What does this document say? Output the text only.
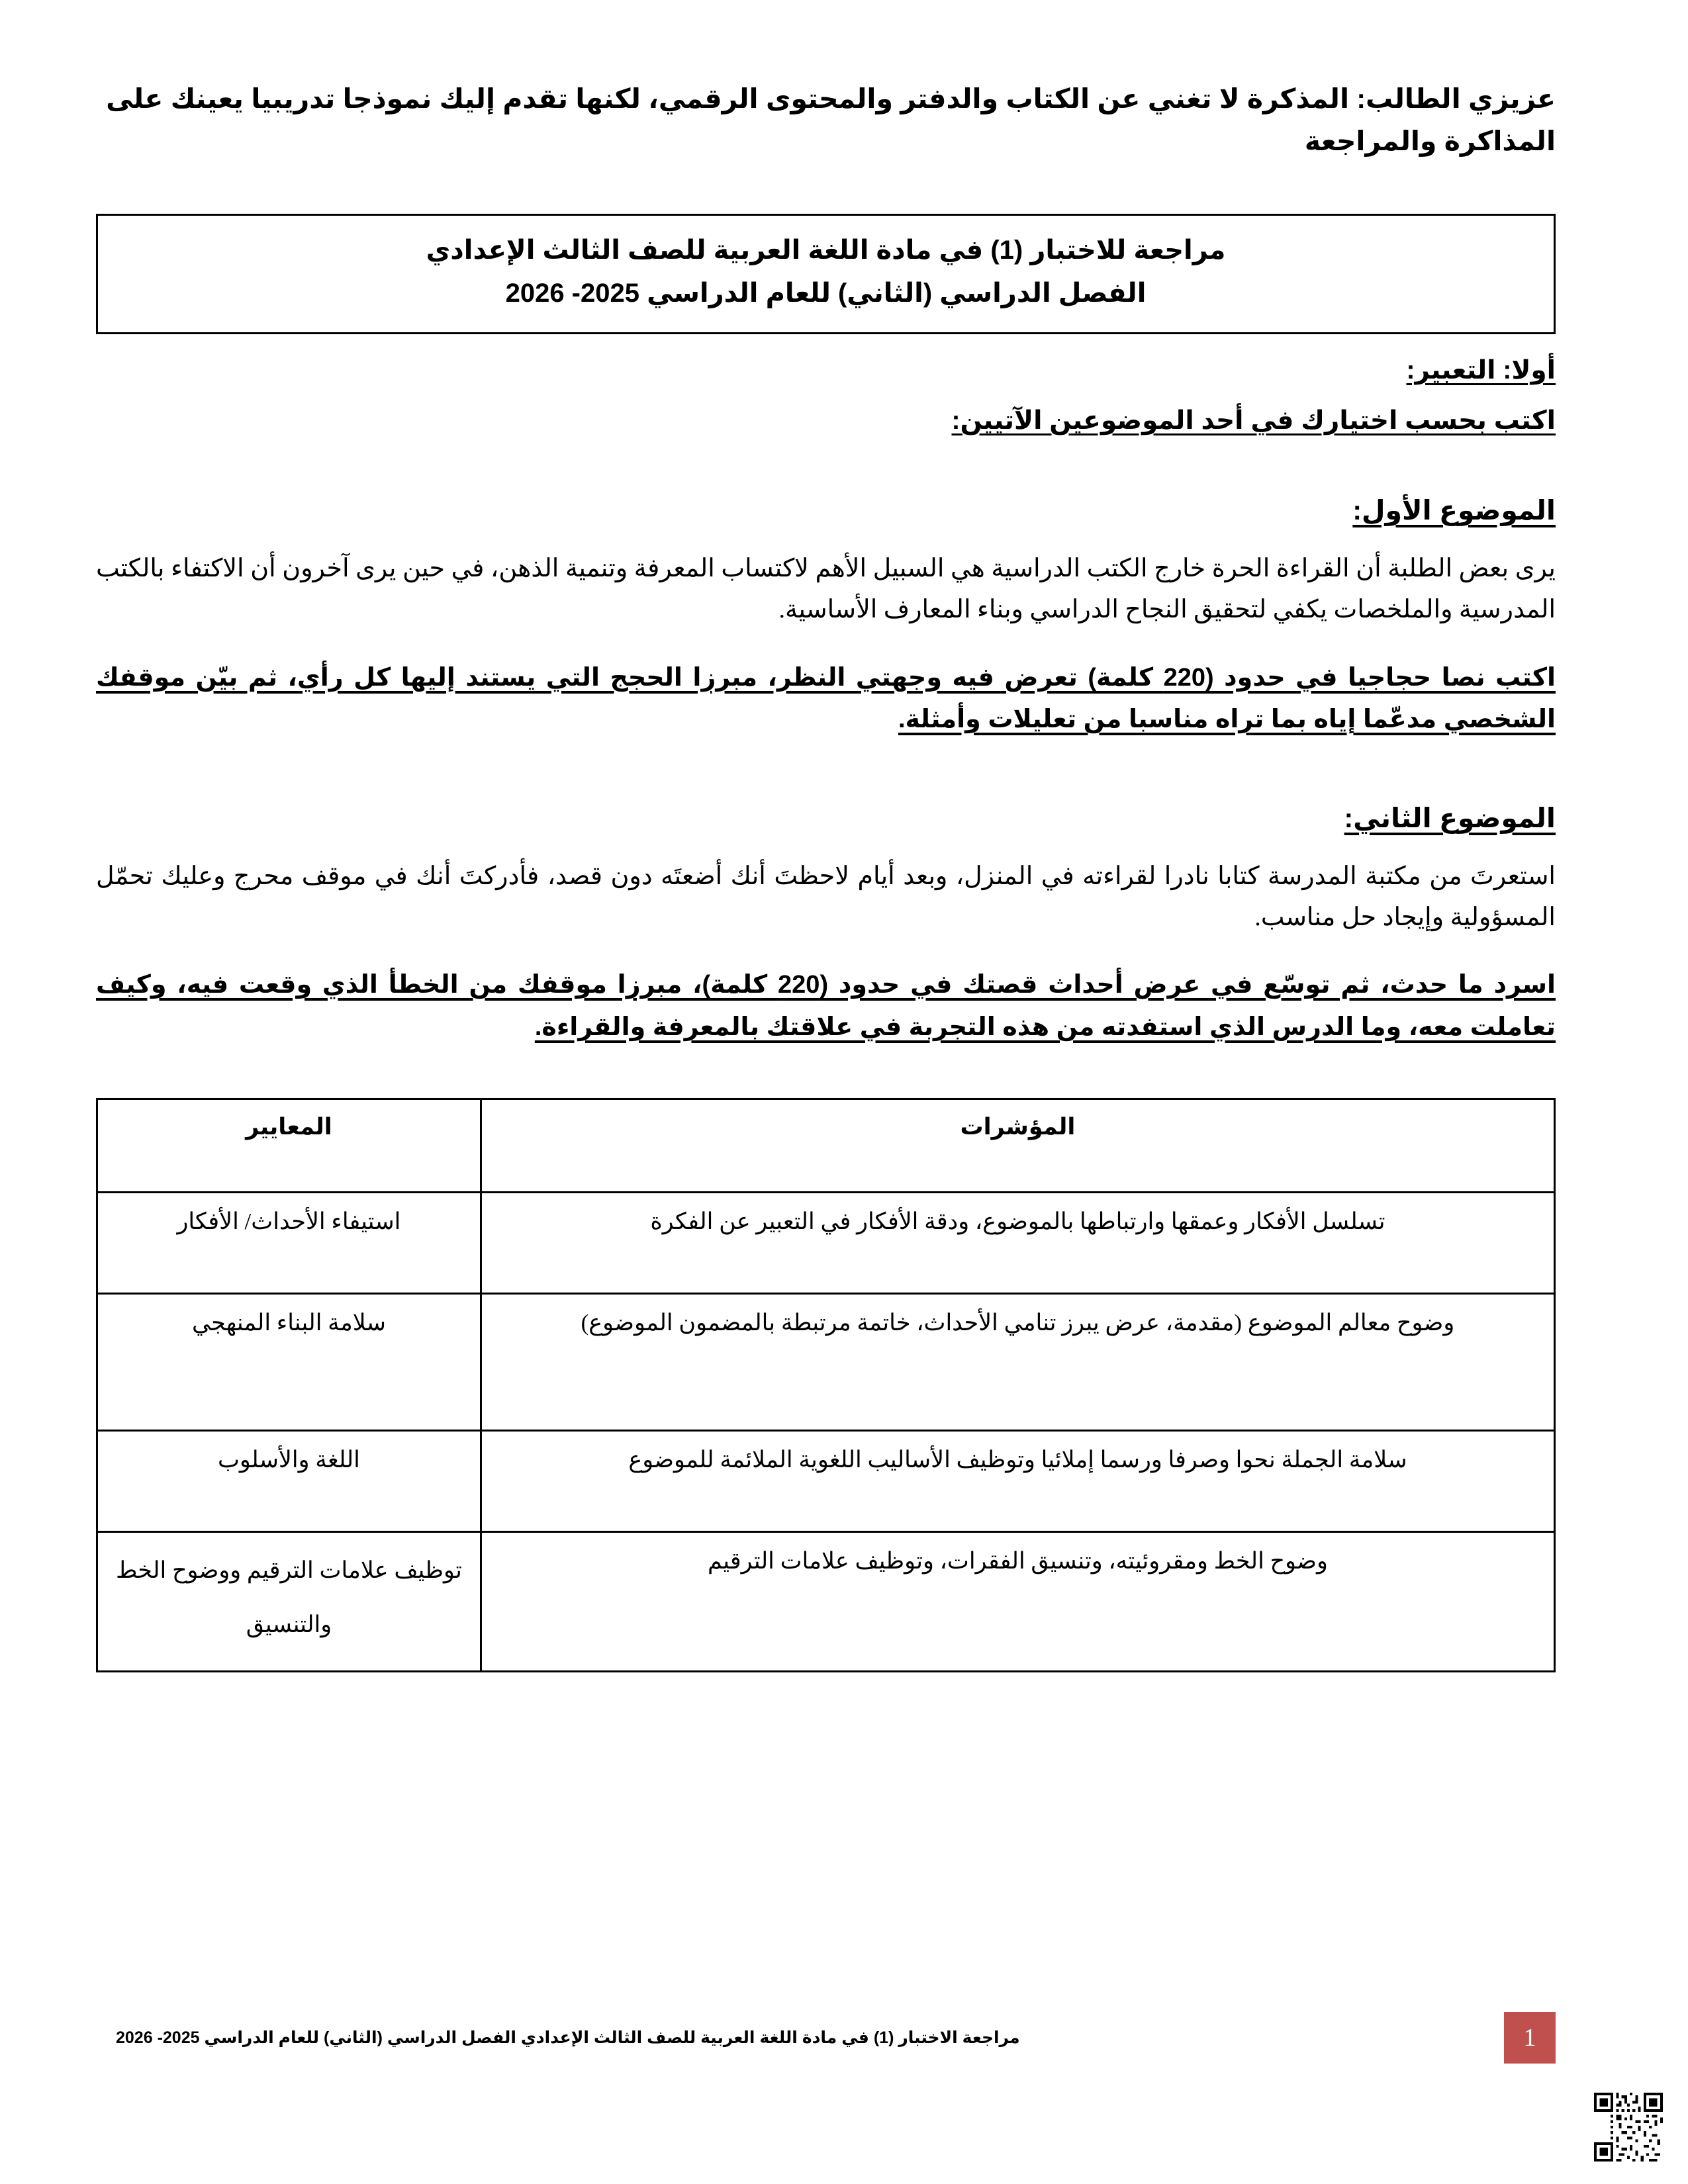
عزيزي الطالب: المذكرة لا تغني عن الكتاب والدفتر والمحتوى الرقمي، لكنها تقدم إليك نموذجا تدريبيا يعينك على المذاكرة والمراجعة
مراجعة للاختبار (1) في مادة اللغة العربية للصف الثالث الإعدادي
الفصل الدراسي (الثاني) للعام الدراسي 2025- 2026
أولا: التعبير:
اكتب بحسب اختيارك في أحد الموضوعين الآتيين:
الموضوع الأول:
يرى بعض الطلبة أن القراءة الحرة خارج الكتب الدراسية هي السبيل الأهم لاكتساب المعرفة وتنمية الذهن، في حين يرى آخرون أن الاكتفاء بالكتب المدرسية والملخصات يكفي لتحقيق النجاح الدراسي وبناء المعارف الأساسية.
اكتب نصا حجاجيا في حدود (220 كلمة) تعرض فيه وجهتي النظر، مبرزا الحجج التي يستند إليها كل رأي، ثم بيّن موقفك الشخصي مدعّما إياه بما تراه مناسبا من تعليلات وأمثلة.
الموضوع الثاني:
استعرتَ من مكتبة المدرسة كتابا نادرا لقراءته في المنزل، وبعد أيام لاحظتَ أنك أضعتَه دون قصد، فأدركتَ أنك في موقف محرج وعليك تحمّل المسؤولية وإيجاد حل مناسب.
اسرد ما حدث، ثم توسّع في عرض أحداث قصتك في حدود (220 كلمة)، مبرزا موقفك من الخطأ الذي وقعت فيه، وكيف تعاملت معه، وما الدرس الذي استفدته من هذه التجربة في علاقتك بالمعرفة والقراءة.
المؤشرات	المعايير
تسلسل الأفكار وعمقها وارتباطها بالموضوع، ودقة الأفكار في التعبير عن الفكرة	استيفاء الأحداث/ الأفكار
وضوح معالم الموضوع (مقدمة، عرض يبرز تنامي الأحداث، خاتمة مرتبطة بالمضمون الموضوع)	سلامة البناء المنهجي
سلامة الجملة نحوا وصرفا ورسما إملائيا وتوظيف الأساليب اللغوية الملائمة للموضوع	اللغة والأسلوب
وضوح الخط ومقروئيته، وتنسيق الفقرات، وتوظيف علامات الترقيم	توظيف علامات الترقيم ووضوح الخط والتنسيق
1
مراجعة الاختبار (1) في مادة اللغة العربية للصف الثالث الإعدادي الفصل الدراسي (الثاني) للعام الدراسي 2025- 2026
